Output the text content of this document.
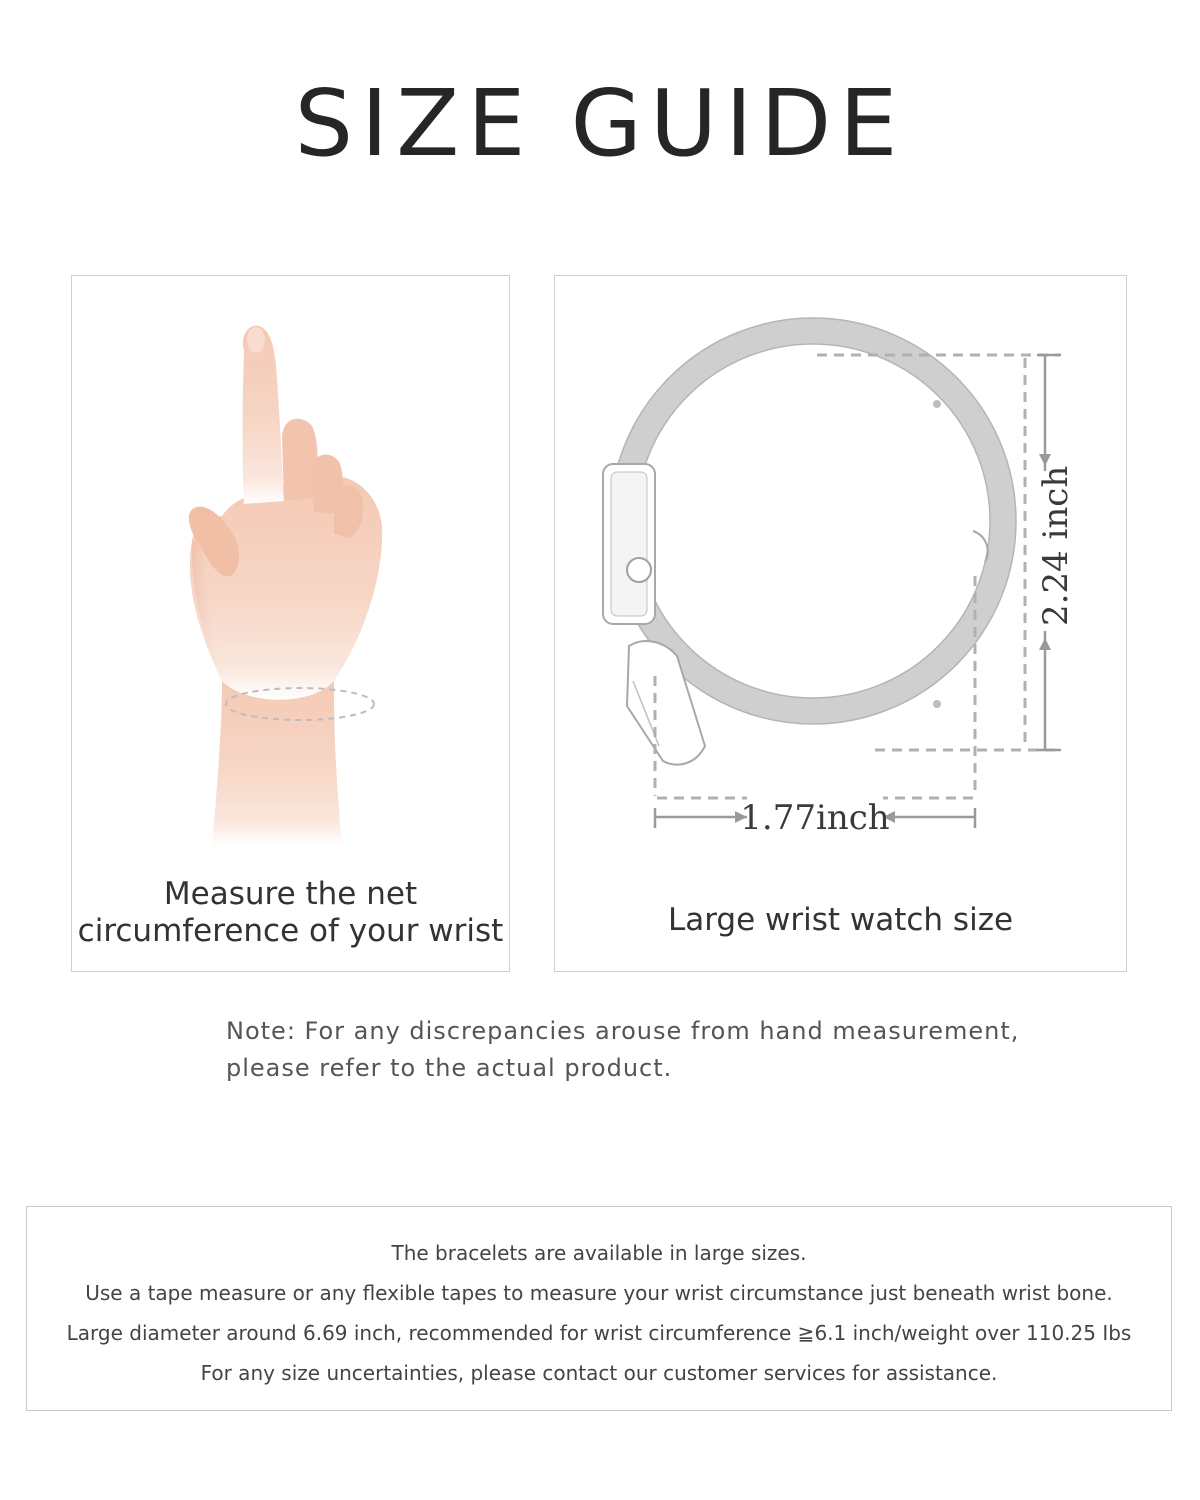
SIZE GUIDE
Measure the net
circumference of your wrist
2.24 inch
1.77inch
Large wrist watch size
Note: For any discrepancies arouse from hand measurement,
please refer to the actual product.
The bracelets are available in large sizes.
Use a tape measure or any flexible tapes to measure your wrist circumstance just beneath wrist bone.
Large diameter around 6.69 inch, recommended for wrist circumference ≧6.1 inch/weight over 110.25 Ibs
For any size uncertainties, please contact our customer services for assistance.
